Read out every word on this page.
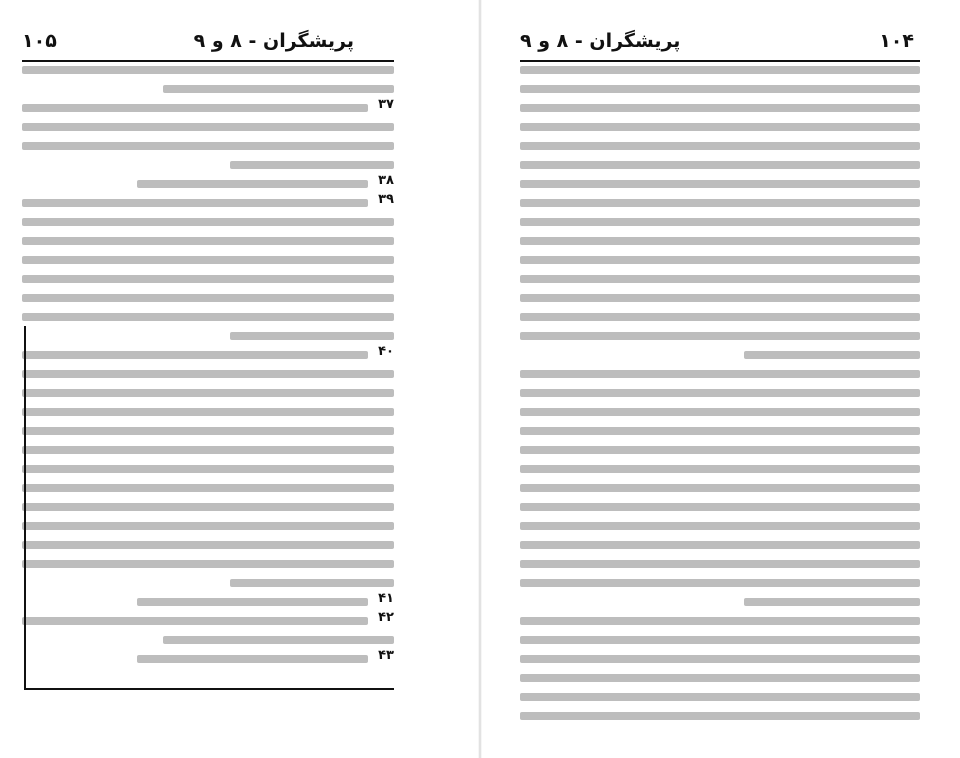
۱۰۵	پریشگران - ۸ و ۹
۳۷
۳۸
۳۹
۴۰
۴۱
۴۲
۴۳
پریشگران - ۸ و ۹	۱۰۴
